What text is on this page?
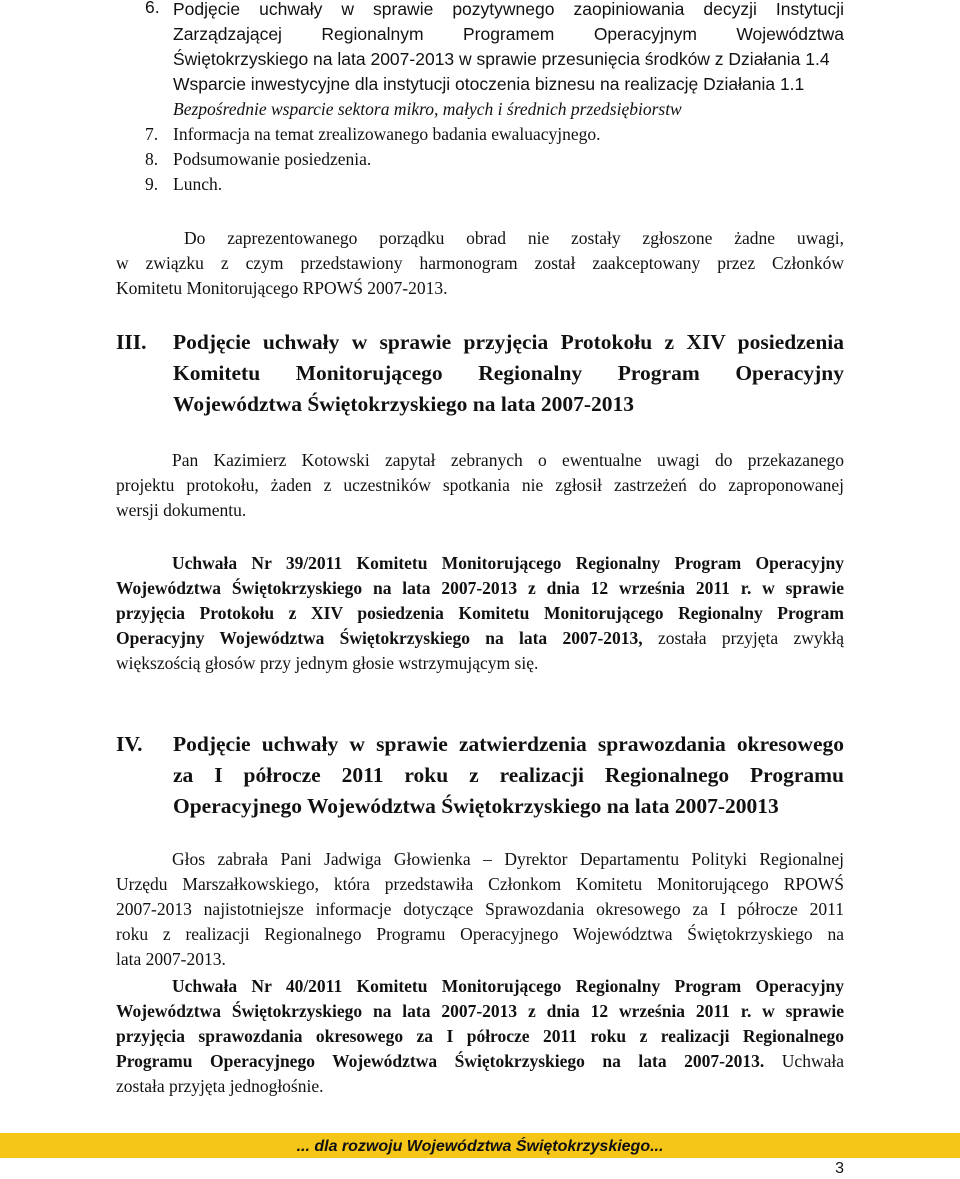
6. Podjęcie uchwały w sprawie pozytywnego zaopiniowania decyzji Instytucji
Zarządzającej Regionalnym Programem Operacyjnym Województwa
Świętokrzyskiego na lata 2007-2013 w sprawie przesunięcia środków z Działania 1.4
Wsparcie inwestycyjne dla instytucji otoczenia biznesu na realizację Działania 1.1
Bezpośrednie wsparcie sektora mikro, małych i średnich przedsiębiorstw
7. Informacja na temat zrealizowanego badania ewaluacyjnego.
8. Podsumowanie posiedzenia.
9. Lunch.
Do zaprezentowanego porządku obrad nie zostały zgłoszone żadne uwagi,
w związku z czym przedstawiony harmonogram został zaakceptowany przez Członków
Komitetu Monitorującego RPOWŚ 2007-2013.
III. Podjęcie uchwały w sprawie przyjęcia Protokołu z XIV posiedzenia
Komitetu Monitorującego Regionalny Program Operacyjny
Województwa Świętokrzyskiego na lata 2007-2013
Pan Kazimierz Kotowski zapytał zebranych o ewentualne uwagi do przekazanego
projektu protokołu, żaden z uczestników spotkania nie zgłosił zastrzeżeń do zaproponowanej
wersji dokumentu.
Uchwała Nr 39/2011 Komitetu Monitorującego Regionalny Program Operacyjny
Województwa Świętokrzyskiego na lata 2007-2013 z dnia 12 września 2011 r. w sprawie
przyjęcia Protokołu z XIV posiedzenia Komitetu Monitorującego Regionalny Program
Operacyjny Województwa Świętokrzyskiego na lata 2007-2013, została przyjęta zwykłą
większością głosów przy jednym głosie wstrzymującym się.
IV. Podjęcie uchwały w sprawie zatwierdzenia sprawozdania okresowego
za I półrocze 2011 roku z realizacji Regionalnego Programu
Operacyjnego Województwa Świętokrzyskiego na lata 2007-20013
Głos zabrała Pani Jadwiga Głowienka – Dyrektor Departamentu Polityki Regionalnej
Urzędu Marszałkowskiego, która przedstawiła Członkom Komitetu Monitorującego RPOWŚ
2007-2013 najistotniejsze informacje dotyczące Sprawozdania okresowego za I półrocze 2011
roku z realizacji Regionalnego Programu Operacyjnego Województwa Świętokrzyskiego na
lata 2007-2013.
Uchwała Nr 40/2011 Komitetu Monitorującego Regionalny Program Operacyjny
Województwa Świętokrzyskiego na lata 2007-2013 z dnia 12 września 2011 r. w sprawie
przyjęcia sprawozdania okresowego za I półrocze 2011 roku z realizacji Regionalnego
Programu Operacyjnego Województwa Świętokrzyskiego na lata 2007-2013. Uchwała
została przyjęta jednogłośnie.
... dla rozwoju Województwa Świętokrzyskiego...
3
